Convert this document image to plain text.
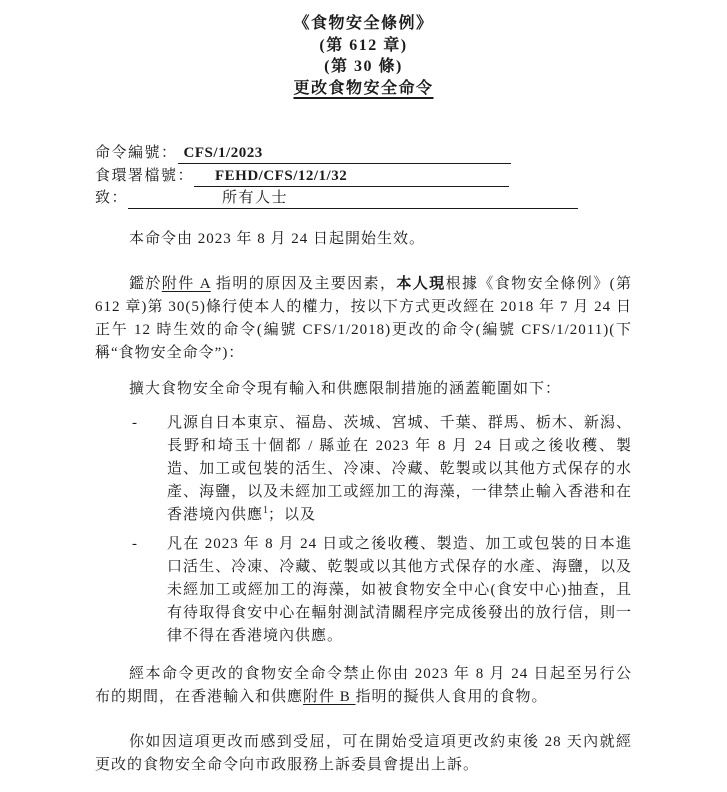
《食物安全條例》
(第 612 章)
(第 30 條)
更改食物安全命令
命令編號： CFS/1/2023
食環署檔號：	FEHD/CFS/12/1/32
致：	所有人士

本命令由 2023 年 8 月 24 日起開始生效。

鑑於附件 A 指明的原因及主要因素，本人現根據《食物安全條例》(第 612 章)第 30(5)條行使本人的權力，按以下方式更改經在 2018 年 7 月 24 日正午 12 時生效的命令(編號 CFS/1/2018)更改的命令(編號 CFS/1/2011)(下稱“食物安全命令”)：

擴大食物安全命令現有輸入和供應限制措施的涵蓋範圍如下：

- 凡源自日本東京、福島、茨城、宮城、千葉、群馬、栃木、新潟、長野和埼玉十個都 / 縣並在 2023 年 8 月 24 日或之後收穫、製造、加工或包裝的活生、冷凍、冷藏、乾製或以其他方式保存的水產、海鹽，以及未經加工或經加工的海藻，一律禁止輸入香港和在香港境內供應$^1$；以及

- 凡在 2023 年 8 月 24 日或之後收穫、製造、加工或包裝的日本進口活生、冷凍、冷藏、乾製或以其他方式保存的水產、海鹽，以及未經加工或經加工的海藻，如被食物安全中心(食安中心)抽查，且有待取得食安中心在輻射測試清關程序完成後發出的放行信，則一律不得在香港境內供應。

經本命令更改的食物安全命令禁止你由 2023 年 8 月 24 日起至另行公布的期間，在香港輸入和供應附件 B 指明的擬供人食用的食物。

你如因這項更改而感到受屈，可在開始受這項更改約束後 28 天內就經更改的食物安全命令向市政服務上訴委員會提出上訴。
